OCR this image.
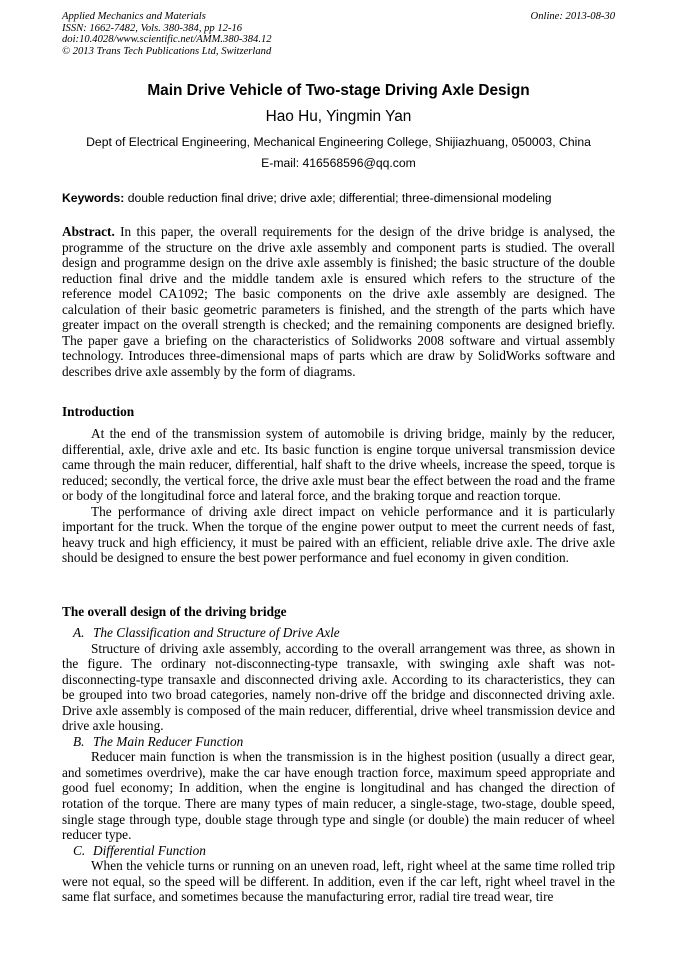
Applied Mechanics and Materials
ISSN: 1662-7482, Vols. 380-384, pp 12-16
doi:10.4028/www.scientific.net/AMM.380-384.12
© 2013 Trans Tech Publications Ltd, Switzerland
Online: 2013-08-30
Main Drive Vehicle of Two-stage Driving Axle Design
Hao Hu, Yingmin Yan
Dept of Electrical Engineering, Mechanical Engineering College, Shijiazhuang, 050003, China
E-mail: 416568596@qq.com
Keywords: double reduction final drive; drive axle; differential; three-dimensional modeling

Abstract. In this paper, the overall requirements for the design of the drive bridge is analysed, the programme of the structure on the drive axle assembly and component parts is studied. The overall design and programme design on the drive axle assembly is finished; the basic structure of the double reduction final drive and the middle tandem axle is ensured which refers to the structure of the reference model CA1092; The basic components on the drive axle assembly are designed. The calculation of their basic geometric parameters is finished, and the strength of the parts which have greater impact on the overall strength is checked; and the remaining components are designed briefly. The paper gave a briefing on the characteristics of Solidworks 2008 software and virtual assembly technology. Introduces three-dimensional maps of parts which are draw by SolidWorks software and describes drive axle assembly by the form of diagrams.

Introduction

At the end of the transmission system of automobile is driving bridge, mainly by the reducer, differential, axle, drive axle and etc. Its basic function is engine torque universal transmission device came through the main reducer, differential, half shaft to the drive wheels, increase the speed, torque is reduced; secondly, the vertical force, the drive axle must bear the effect between the road and the frame or body of the longitudinal force and lateral force, and the braking torque and reaction torque.

The performance of driving axle direct impact on vehicle performance and it is particularly important for the truck. When the torque of the engine power output to meet the current needs of fast, heavy truck and high efficiency, it must be paired with an efficient, reliable drive axle. The drive axle should be designed to ensure the best power performance and fuel economy in given condition.

The overall design of the driving bridge

A. The Classification and Structure of Drive Axle

Structure of driving axle assembly, according to the overall arrangement was three, as shown in the figure. The ordinary not-disconnecting-type transaxle, with swinging axle shaft was not-disconnecting-type transaxle and disconnected driving axle. According to its characteristics, they can be grouped into two broad categories, namely non-drive off the bridge and disconnected driving axle. Drive axle assembly is composed of the main reducer, differential, drive wheel transmission device and drive axle housing.

B. The Main Reducer Function

Reducer main function is when the transmission is in the highest position (usually a direct gear, and sometimes overdrive), make the car have enough traction force, maximum speed appropriate and good fuel economy; In addition, when the engine is longitudinal and has changed the direction of rotation of the torque. There are many types of main reducer, a single-stage, two-stage, double speed, single stage through type, double stage through type and single (or double) the main reducer of wheel reducer type.

C. Differential Function

When the vehicle turns or running on an uneven road, left, right wheel at the same time rolled trip were not equal, so the speed will be different. In addition, even if the car left, right wheel travel in the same flat surface, and sometimes because the manufacturing error, radial tire tread wear, tire
